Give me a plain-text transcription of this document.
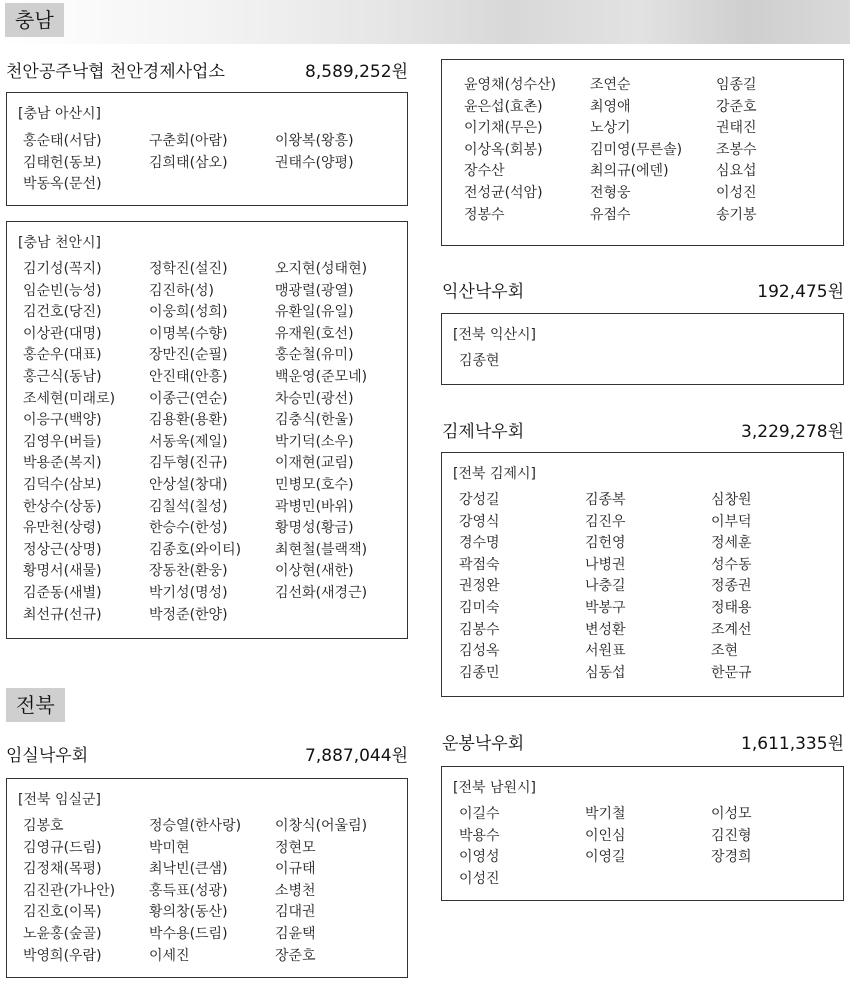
충남
천안공주낙협 천안경제사업소	8,589,252원
[충남 아산시]
홍순태(서담)	구춘회(아람)	이왕복(왕흥)
김태헌(동보)	김희태(삼오)	권태수(양평)
박동옥(문선)
[충남 천안시]
김기성(꼭지)	정학진(설진)	오지현(성태현)
임순빈(능성)	김진하(성)	맹광렬(광열)
김건호(당진)	이웅희(성희)	유환일(유일)
이상관(대명)	이명복(수향)	유재원(호선)
홍순우(대표)	장만진(순필)	홍순철(유미)
홍근식(동남)	안진태(안흥)	백운영(준모네)
조세현(미래로)	이종근(연순)	차승민(광선)
이응구(백양)	김용환(용환)	김충식(한울)
김영우(버들)	서동욱(제일)	박기덕(소우)
박용준(복지)	김두형(진규)	이재현(교림)
김덕수(삼보)	안상설(창대)	민병모(호수)
한상수(상동)	김칠석(칠성)	곽병민(바위)
유만천(상령)	한승수(한성)	황명성(황금)
정상근(상명)	김종호(와이티)	최현철(블랙잭)
황명서(새물)	장동찬(환웅)	이상현(새한)
김준동(새별)	박기성(명성)	김선화(새경근)
최선규(선규)	박정준(한양)
전북
임실낙우회	7,887,044원
[전북 임실군]
김봉호	정승열(한사랑)	이창식(어울림)
김영규(드림)	박미현	정현모
김정채(목평)	최낙빈(큰샘)	이규태
김진관(가나안)	홍득표(성광)	소병천
김진호(이목)	황의창(동산)	김대권
노윤홍(숲골)	박수용(드림)	김윤택
박영희(우람)	이세진	장준호
윤영채(성수산)	조연순	임종길
윤은섭(효촌)	최영애	강준호
이기채(무은)	노상기	권태진
이상옥(회봉)	김미영(무른솔)	조봉수
장수산	최의규(에덴)	심요섭
전성균(석암)	전형웅	이성진
정봉수	유점수	송기봉
익산낙우회	192,475원
[전북 익산시]
김종현
김제낙우회	3,229,278원
[전북 김제시]
강성길	김종복	심창원
강영식	김진우	이부덕
경수명	김헌영	정세훈
곽점숙	나병권	성수동
권정완	나충길	정종권
김미숙	박봉구	정태용
김봉수	변성환	조계선
김성옥	서원표	조현
김종민	심동섭	한문규
운봉낙우회	1,611,335원
[전북 남원시]
이길수	박기철	이성모
박용수	이인심	김진형
이영성	이영길	장경희
이성진
